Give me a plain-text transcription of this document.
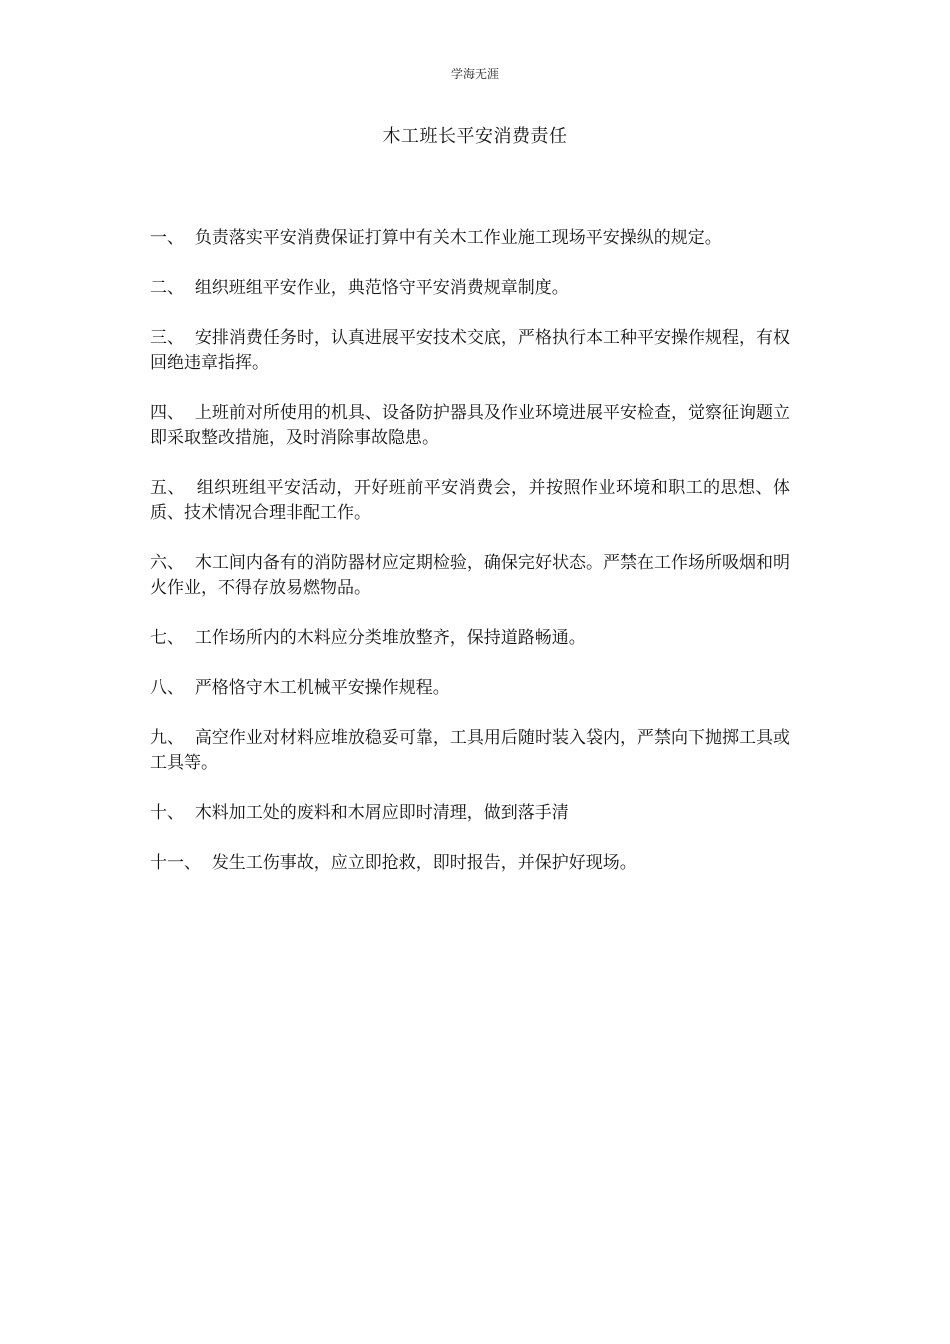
学海无涯
木工班长平安消费责任
一、 负责落实平安消费保证打算中有关木工作业施工现场平安操纵的规定。
二、 组织班组平安作业，典范恪守平安消费规章制度。
三、 安排消费任务时，认真进展平安技术交底，严格执行本工种平安操作规程，有权回绝违章指挥。
四、 上班前对所使用的机具、设备防护器具及作业环境进展平安检查，觉察征询题立即采取整改措施，及时消除事故隐患。
五、 组织班组平安活动，开好班前平安消费会，并按照作业环境和职工的思想、体质、技术情况合理非配工作。
六、 木工间内备有的消防器材应定期检验，确保完好状态。严禁在工作场所吸烟和明火作业，不得存放易燃物品。
七、 工作场所内的木料应分类堆放整齐，保持道路畅通。
八、 严格恪守木工机械平安操作规程。
九、 高空作业对材料应堆放稳妥可靠，工具用后随时装入袋内，严禁向下抛掷工具或工具等。
十、 木料加工处的废料和木屑应即时清理，做到落手清
十一、 发生工伤事故，应立即抢救，即时报告，并保护好现场。
